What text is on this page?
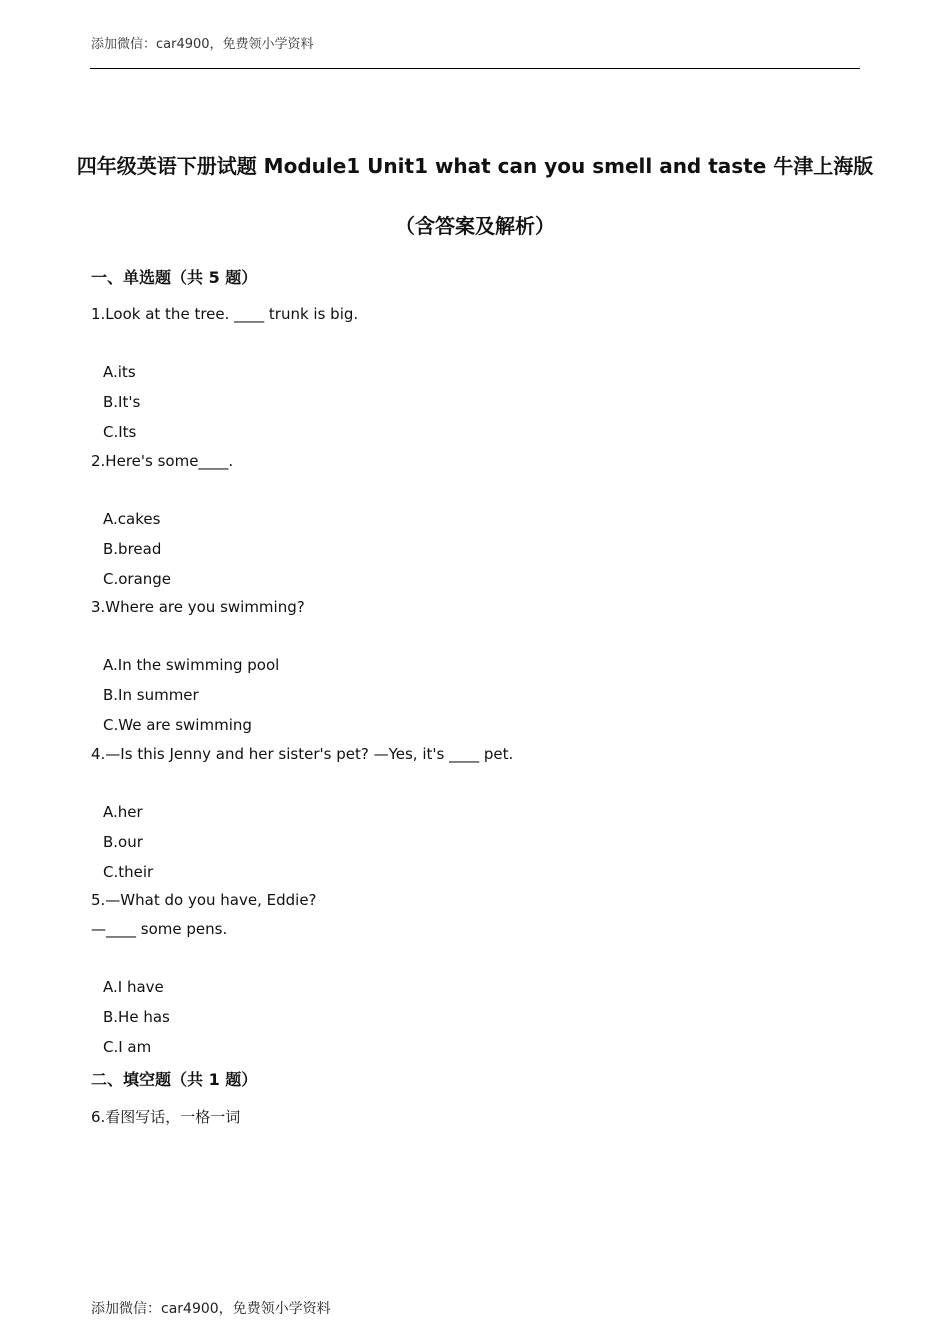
添加微信：car4900，免费领小学资料
四年级英语下册试题 Module1 Unit1 what can you smell and taste 牛津上海版
（含答案及解析）
一、单选题（共 5 题）
1.Look at the tree. ____ trunk is big.
A.its
B.It's
C.Its
2.Here's some____.
A.cakes
B.bread
C.orange
3.Where are you swimming?
A.In the swimming pool
B.In summer
C.We are swimming
4.—Is this Jenny and her sister's pet? —Yes, it's ____ pet.
A.her
B.our
C.their
5.—What do you have, Eddie?
—____ some pens.
A.I have
B.He has
C.I am
二、填空题（共 1 题）
6.看图写话，一格一词
添加微信：car4900，免费领小学资料
